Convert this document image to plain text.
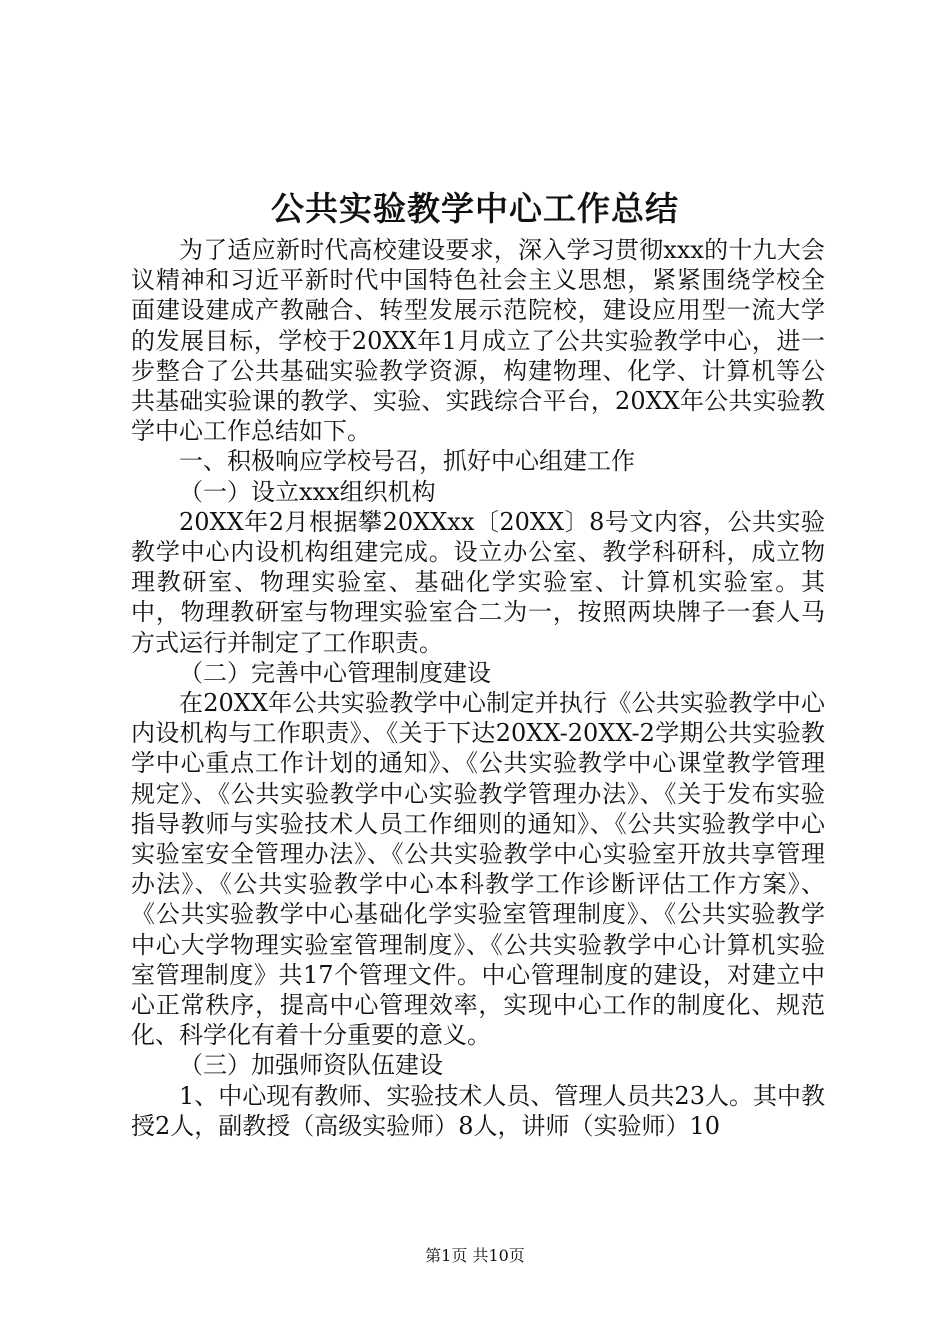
公共实验教学中心工作总结

为了适应新时代高校建设要求，深入学习贯彻xxx的十九大会议精神和习近平新时代中国特色社会主义思想，紧紧围绕学校全面建设建成产教融合、转型发展示范院校，建设应用型一流大学的发展目标，学校于20XX年1月成立了公共实验教学中心，进一步整合了公共基础实验教学资源，构建物理、化学、计算机等公共基础实验课的教学、实验、实践综合平台，20XX年公共实验教学中心工作总结如下。

一、积极响应学校号召，抓好中心组建工作

（一）设立xxx组织机构

20XX年2月根据攀20XXxx〔20XX〕8号文内容，公共实验教学中心内设机构组建完成。设立办公室、教学科研科，成立物理教研室、物理实验室、基础化学实验室、计算机实验室。其中，物理教研室与物理实验室合二为一，按照两块牌子一套人马方式运行并制定了工作职责。

（二）完善中心管理制度建设

在20XX年公共实验教学中心制定并执行《公共实验教学中心内设机构与工作职责》、《关于下达20XX-20XX-2学期公共实验教学中心重点工作计划的通知》、《公共实验教学中心课堂教学管理规定》、《公共实验教学中心实验教学管理办法》、《关于发布实验指导教师与实验技术人员工作细则的通知》、《公共实验教学中心实验室安全管理办法》、《公共实验教学中心实验室开放共享管理办法》、《公共实验教学中心本科教学工作诊断评估工作方案》、《公共实验教学中心基础化学实验室管理制度》、《公共实验教学中心大学物理实验室管理制度》、《公共实验教学中心计算机实验室管理制度》共17个管理文件。中心管理制度的建设，对建立中心正常秩序，提高中心管理效率，实现中心工作的制度化、规范化、科学化有着十分重要的意义。

（三）加强师资队伍建设

1、中心现有教师、实验技术人员、管理人员共23人。其中教授2人，副教授（高级实验师）8人，讲师（实验师）10

第1页 共10页
